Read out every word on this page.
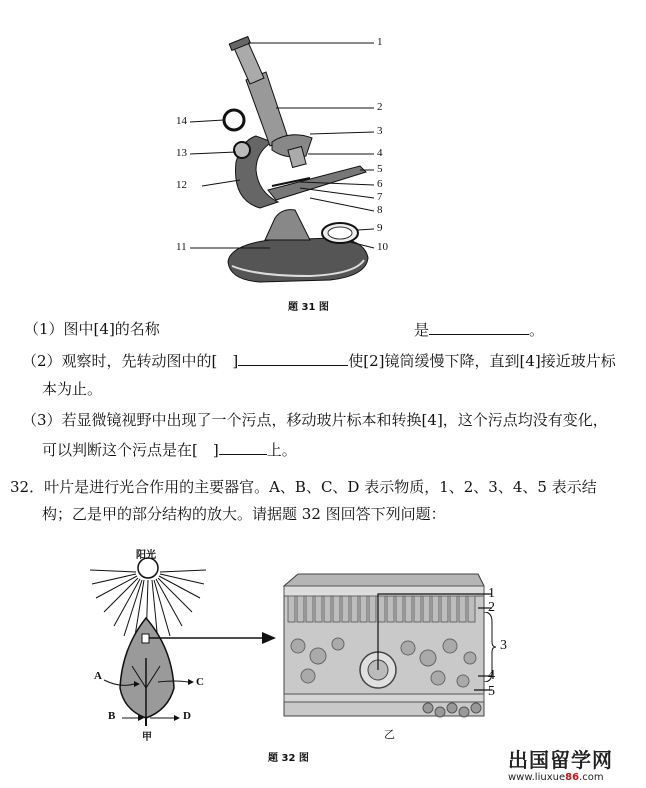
1
2
3
4
5
6
7
8
9
10
11
12
13
14
题 31 图
（1）图中[4]的名称	是	。
（2）观察时，先转动图中的[　]	使[2]镜筒缓慢下降，直到[4]接近玻片标
本为止。
（3）若显微镜视野中出现了一个污点，移动玻片标本和转换[4]，这个污点均没有变化，
可以判断这个污点是在[　]	上。
32．叶片是进行光合作用的主要器官。A、B、C、D 表示物质，1、2、3、4、5 表示结
构；乙是甲的部分结构的放大。请据题 32 图回答下列问题：
阳光
A
B
C
D
甲
1
2
3
4
5
乙
题 32 图	出国留学网
www.liuxue86.com
